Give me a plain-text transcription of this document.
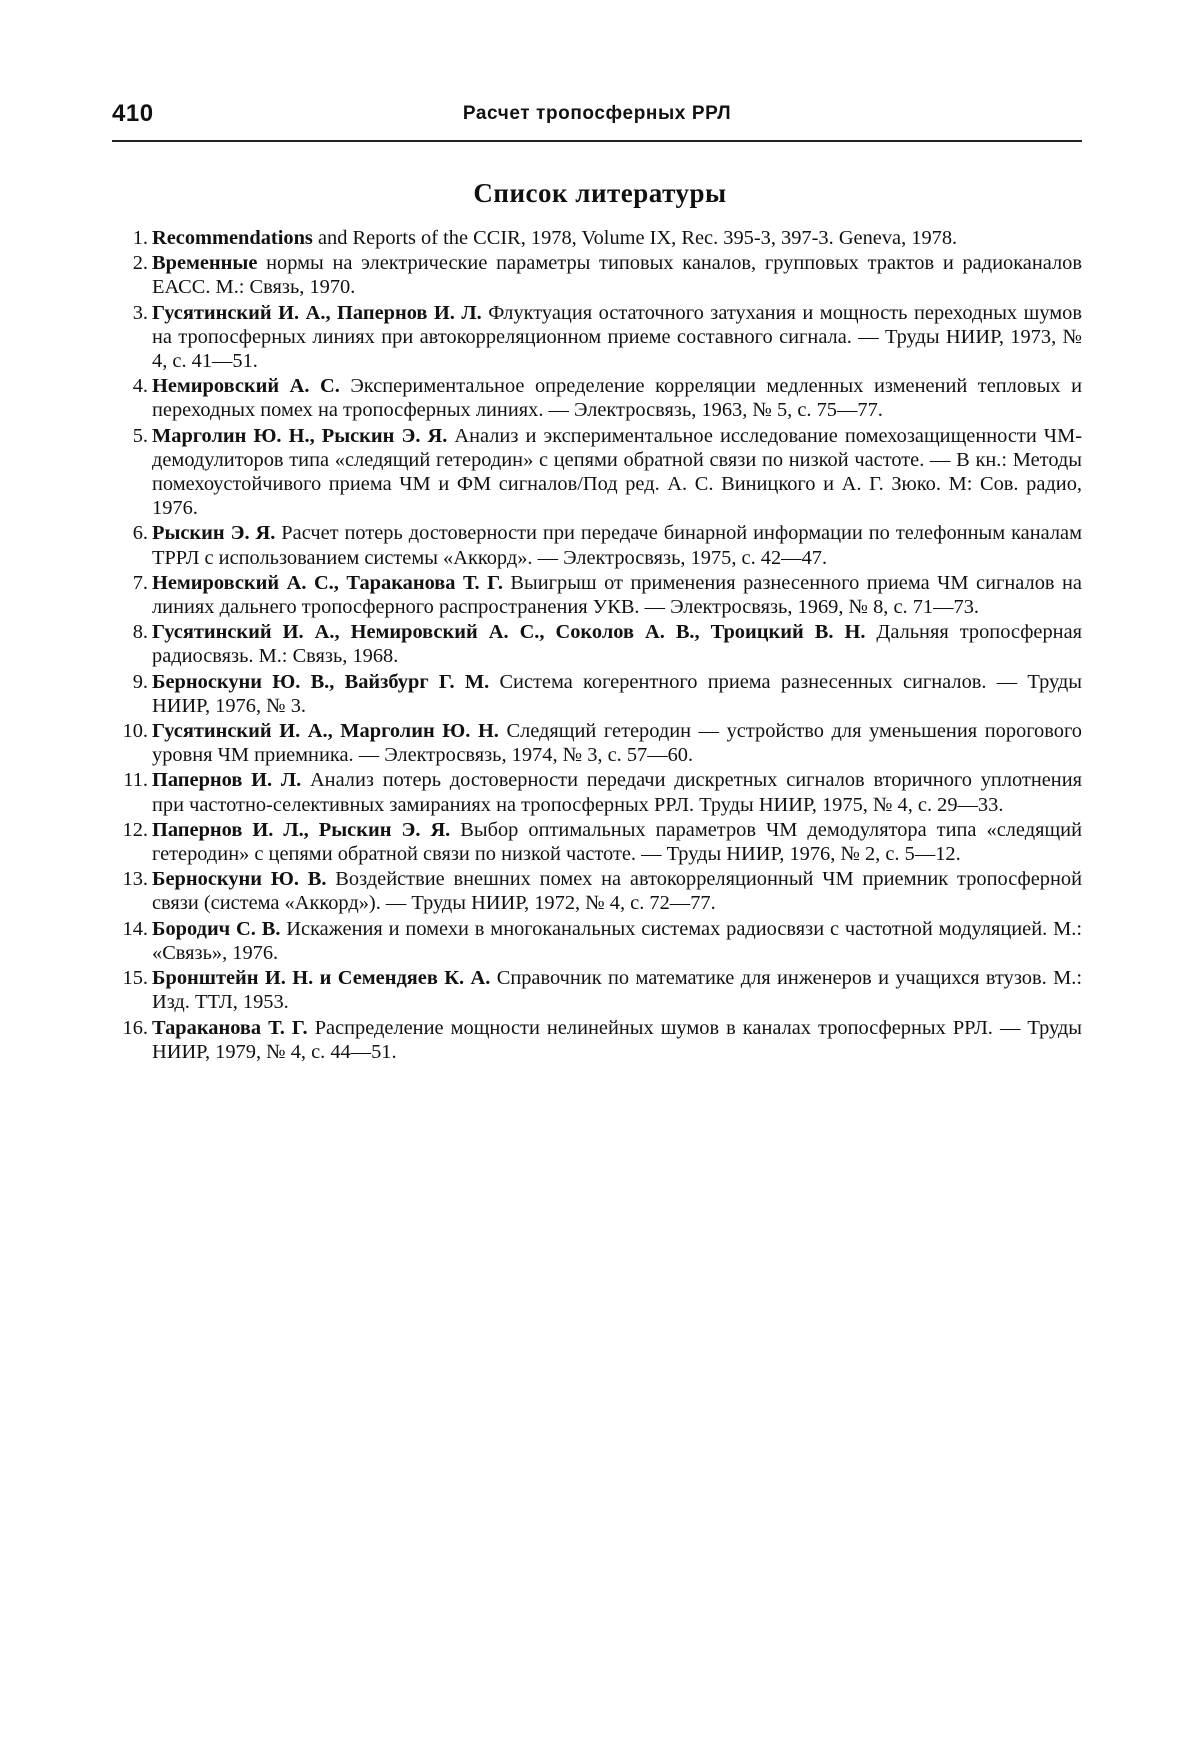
410	Расчет тропосферных РРЛ
Список литературы
1. Recommendations and Reports of the CCIR, 1978, Volume IX, Rec. 395-3, 397-3. Geneva, 1978.
2. Временные нормы на электрические параметры типовых каналов, групповых трактов и радиоканалов ЕАСС. М.: Связь, 1970.
3. Гусятинский И. А., Папернов И. Л. Флуктуация остаточного затухания и мощность переходных шумов на тропосферных линиях при автокорреляционном приеме составного сигнала. — Труды НИИР, 1973, № 4, с. 41—51.
4. Немировский А. С. Экспериментальное определение корреляции медленных изменений тепловых и переходных помех на тропосферных линиях. — Электросвязь, 1963, № 5, с. 75—77.
5. Марголин Ю. Н., Рыскин Э. Я. Анализ и экспериментальное исследование помехозащищенности ЧМ-демодулиторов типа «следящий гетеродин» с цепями обратной связи по низкой частоте. — В кн.: Методы помехоустойчивого приема ЧМ и ФМ сигналов/Под ред. А. С. Виницкого и А. Г. Зюко. М: Сов. радио, 1976.
6. Рыскин Э. Я. Расчет потерь достоверности при передаче бинарной информации по телефонным каналам ТРРЛ с использованием системы «Аккорд». — Электросвязь, 1975, с. 42—47.
7. Немировский А. С., Тараканова Т. Г. Выигрыш от применения разнесенного приема ЧМ сигналов на линиях дальнего тропосферного распространения УКВ. — Электросвязь, 1969, № 8, с. 71—73.
8. Гусятинский И. А., Немировский А. С., Соколов А. В., Троицкий В. Н. Дальняя тропосферная радиосвязь. М.: Связь, 1968.
9. Берноскуни Ю. В., Вайзбург Г. М. Система когерентного приема разнесенных сигналов. — Труды НИИР, 1976, № 3.
10. Гусятинский И. А., Марголин Ю. Н. Следящий гетеродин — устройство для уменьшения порогового уровня ЧМ приемника. — Электросвязь, 1974, № 3, с. 57—60.
11. Папернов И. Л. Анализ потерь достоверности передачи дискретных сигналов вторичного уплотнения при частотно-селективных замираниях на тропосферных РРЛ. Труды НИИР, 1975, № 4, с. 29—33.
12. Папернов И. Л., Рыскин Э. Я. Выбор оптимальных параметров ЧМ демодулятора типа «следящий гетеродин» с цепями обратной связи по низкой частоте. — Труды НИИР, 1976, № 2, с. 5—12.
13. Берноскуни Ю. В. Воздействие внешних помех на автокорреляционный ЧМ приемник тропосферной связи (система «Аккорд»). — Труды НИИР, 1972, № 4, с. 72—77.
14. Бородич С. В. Искажения и помехи в многоканальных системах радиосвязи с частотной модуляцией. М.: «Связь», 1976.
15. Бронштейн И. Н. и Семендяев К. А. Справочник по математике для инженеров и учащихся втузов. М.: Изд. ТТЛ, 1953.
16. Тараканова Т. Г. Распределение мощности нелинейных шумов в каналах тропосферных РРЛ. — Труды НИИР, 1979, № 4, с. 44—51.
